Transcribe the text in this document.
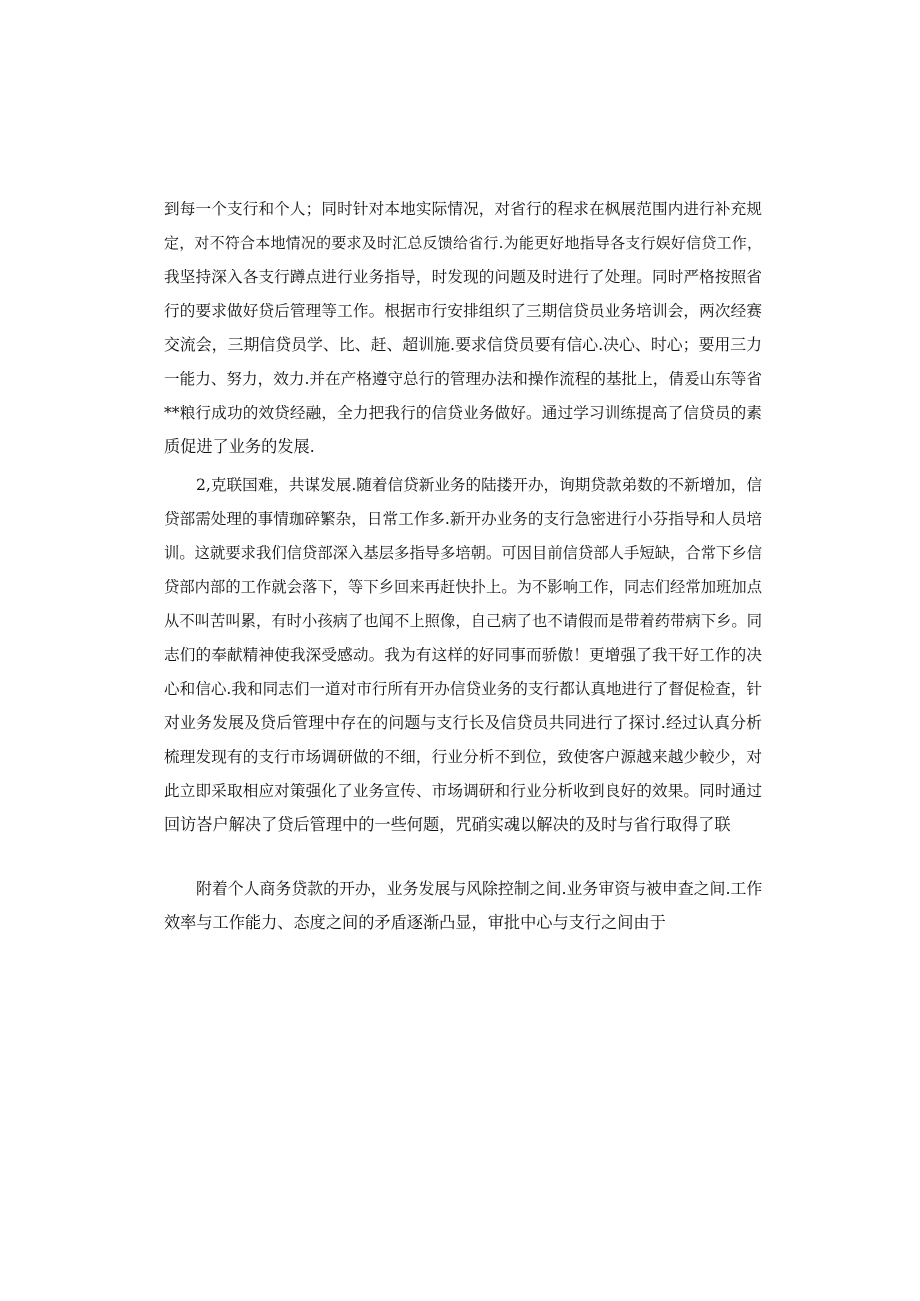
到每一个支行和个人；同时针对本地实际情况，对省行的程求在枫展范围内进行补充规
定，对不符合本地情况的要求及时汇总反馈给省行.为能更好地指导各支行娱好信贷工作，
我坚持深入各支行蹲点进行业务指导，时发现的问题及时进行了处理。同时严格按照省
行的要求做好贷后管理等工作。根据市行安排组织了三期信贷员业务培训会，两次经赛
交流会，三期信贷员学、比、赶、超训施.要求信贷员要有信心.决心、时心；要用三力
一能力、努力，效力.并在产格遵守总行的管理办法和操作流程的基批上，倩爰山东等省
**粮行成功的效贷经融，全力把我行的信贷业务做好。通过学习训练提高了信贷员的素
质促进了业务的发展.
2,克联国难，共谋发展.随着信贷新业务的陆搂开办，询期贷款弟数的不新增加，信
贷部需处理的事情珈碎繁杂，日常工作多.新开办业务的支行急密进行小芬指导和人员培
训。这就要求我们信贷部深入基层多指导多培朝。可因目前信贷部人手短缺，合常下乡信
贷部内部的工作就会落下，等下乡回来再赶快扑上。为不影响工作，同志们经常加班加点
从不叫苦叫累，有时小孩病了也闻不上照像，自己病了也不请假而是带着药带病下乡。同
志们的奉献精神使我深受感动。我为有这样的好同事而骄傲！更增强了我干好工作的决
心和信心.我和同志们一道对市行所有开办信贷业务的支行都认真地进行了督促检查，针
对业务发展及贷后管理中存在的问题与支行长及信贷员共同进行了探讨.经过认真分析
梳理发现有的支行市场调研做的不细，行业分析不到位，致使客户源越来越少較少，对
此立即采取相应对策强化了业务宣传、市场调研和行业分析收到良好的效果。同时通过
回访峇户解决了贷后管理中的一些何题，咒硝实魂以解决的及时与省行取得了联
附着个人商务贷款的开办，业务发展与风除控制之间.业务审资与被申查之间.工作
效率与工作能力、态度之间的矛盾逐渐凸显，审批中心与支行之间由于
